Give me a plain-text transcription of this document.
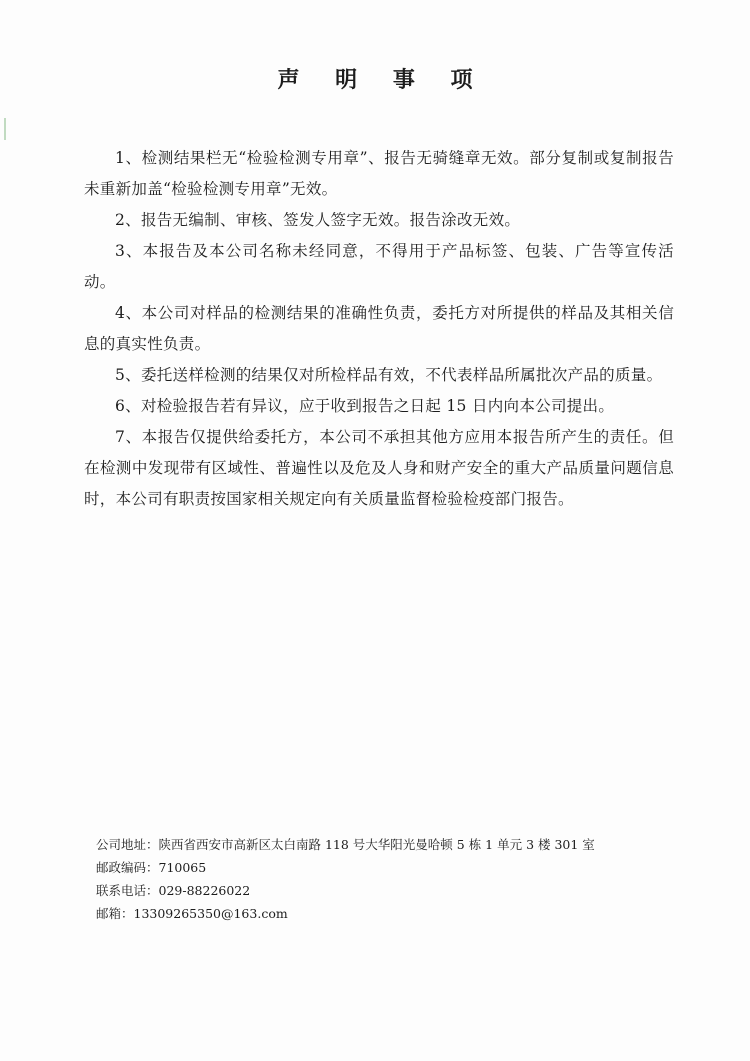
声 明 事 项

1、检测结果栏无“检验检测专用章”、报告无骑缝章无效。部分复制或复制报告未重新加盖“检验检测专用章”无效。

2、报告无编制、审核、签发人签字无效。报告涂改无效。

3、本报告及本公司名称未经同意，不得用于产品标签、包装、广告等宣传活动。

4、本公司对样品的检测结果的准确性负责，委托方对所提供的样品及其相关信息的真实性负责。

5、委托送样检测的结果仅对所检样品有效，不代表样品所属批次产品的质量。

6、对检验报告若有异议，应于收到报告之日起 15 日内向本公司提出。

7、本报告仅提供给委托方，本公司不承担其他方应用本报告所产生的责任。但在检测中发现带有区域性、普遍性以及危及人身和财产安全的重大产品质量问题信息时，本公司有职责按国家相关规定向有关质量监督检验检疫部门报告。

公司地址：陕西省西安市高新区太白南路 118 号大华阳光曼哈顿 5 栋 1 单元 3 楼 301 室
邮政编码：710065
联系电话：029-88226022
邮箱：13309265350@163.com
